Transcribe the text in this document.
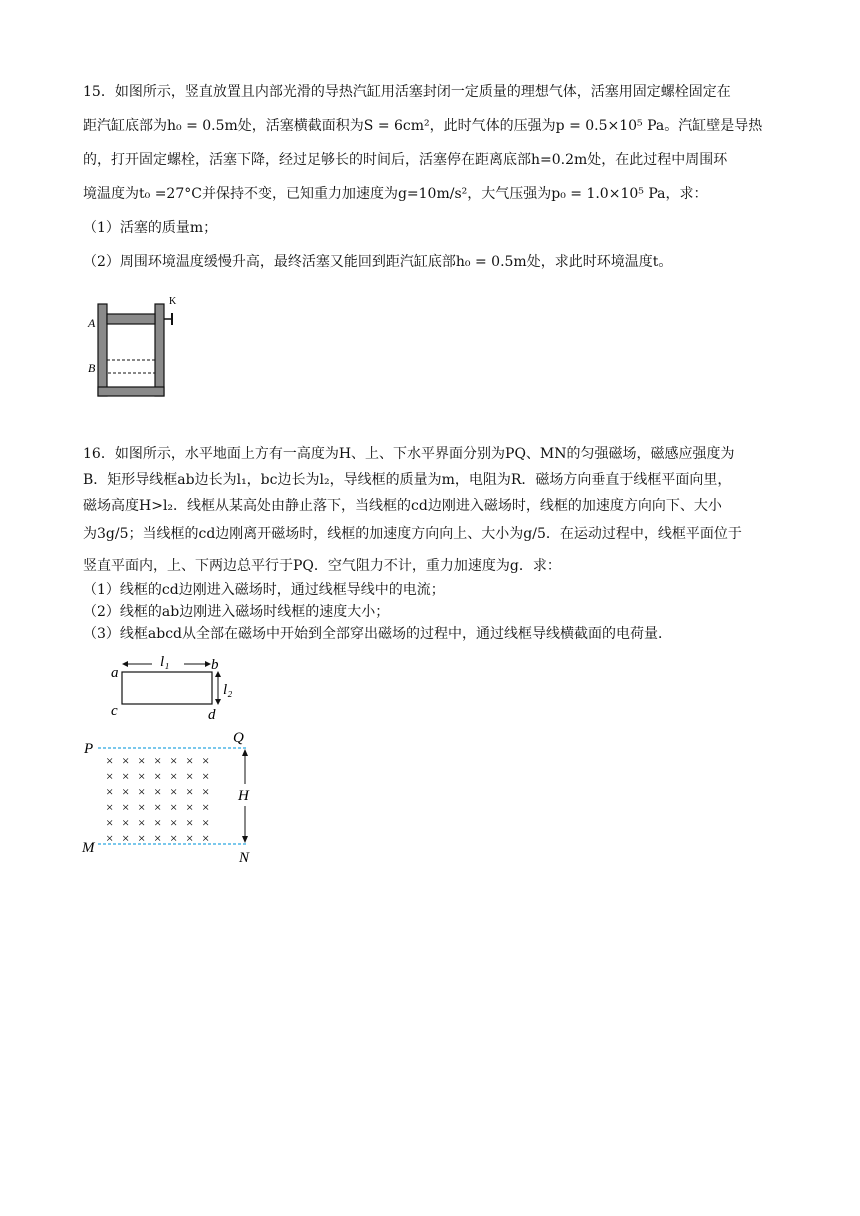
15．如图所示，竖直放置且内部光滑的导热汽缸用活塞封闭一定质量的理想气体，活塞用固定螺栓固定在
距汽缸底部为h₀ = 0.5m处，活塞横截面积为S = 6cm²，此时气体的压强为p = 0.5×10⁵ Pa。汽缸壁是导热
的，打开固定螺栓，活塞下降，经过足够长的时间后，活塞停在距离底部h=0.2m处，在此过程中周围环
境温度为t₀ =27°C并保持不变，已知重力加速度为g=10m/s²，大气压强为p₀ = 1.0×10⁵ Pa，求：
（1）活塞的质量m；
（2）周围环境温度缓慢升高，最终活塞又能回到距汽缸底部h₀ = 0.5m处，求此时环境温度t。
A
B
K
16．如图所示，水平地面上方有一高度为H、上、下水平界面分别为PQ、MN的匀强磁场，磁感应强度为
B．矩形导线框ab边长为l₁，bc边长为l₂，导线框的质量为m，电阻为R．磁场方向垂直于线框平面向里，
磁场高度H>l₂．线框从某高处由静止落下，当线框的cd边刚进入磁场时，线框的加速度方向向下、大小
为3g/5；当线框的cd边刚离开磁场时，线框的加速度方向向上、大小为g/5．在运动过程中，线框平面位于
竖直平面内，上、下两边总平行于PQ．空气阻力不计，重力加速度为g．求：
（1）线框的cd边刚进入磁场时，通过线框导线中的电流；
（2）线框的ab边刚进入磁场时线框的速度大小；
（3）线框abcd从全部在磁场中开始到全部穿出磁场的过程中，通过线框导线横截面的电荷量．
l₁
l₂
a	b
c	d
P
Q
M
N
H
× × × × × × ×
× × × × × × ×
× × × × × × ×
× × × × × × ×
× × × × × × ×
× × × × × × ×
